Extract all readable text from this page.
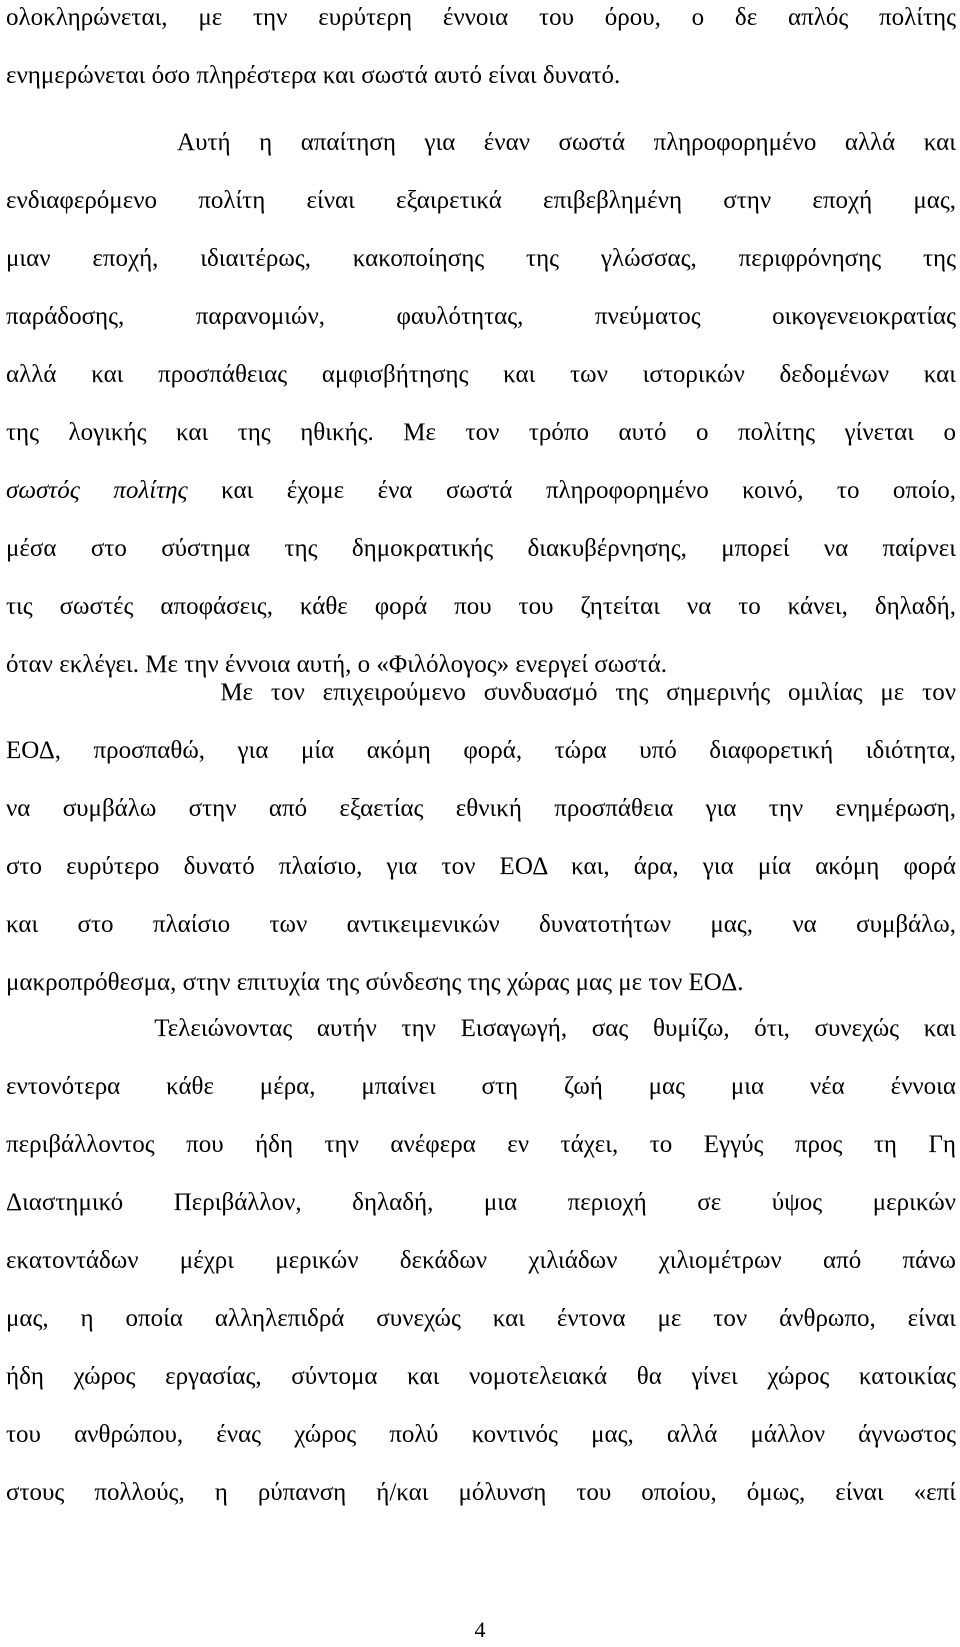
ολοκληρώνεται, με την ευρύτερη έννοια του όρου, ο δε απλός πολίτης
ενημερώνεται όσο πληρέστερα και σωστά αυτό είναι δυνατό.
Αυτή η απαίτηση για έναν σωστά πληροφορημένο αλλά και
ενδιαφερόμενο πολίτη είναι εξαιρετικά επιβεβλημένη στην εποχή μας,
μιαν εποχή, ιδιαιτέρως, κακοποίησης της γλώσσας, περιφρόνησης της
παράδοσης, παρανομιών, φαυλότητας, πνεύματος οικογενειοκρατίας
αλλά και προσπάθειας αμφισβήτησης και των ιστορικών δεδομένων και
της λογικής και της ηθικής. Με τον τρόπο αυτό ο πολίτης γίνεται ο
σωστός πολίτης και έχομε ένα σωστά πληροφορημένο κοινό, το οποίο,
μέσα στο σύστημα της δημοκρατικής διακυβέρνησης, μπορεί να παίρνει
τις σωστές αποφάσεις, κάθε φορά που του ζητείται να το κάνει, δηλαδή,
όταν εκλέγει. Με την έννοια αυτή, ο «Φιλόλογος» ενεργεί σωστά.
Με τον επιχειρούμενο συνδυασμό της σημερινής ομιλίας με τον
ΕΟΔ, προσπαθώ, για μία ακόμη φορά, τώρα υπό διαφορετική ιδιότητα,
να συμβάλω στην από εξαετίας εθνική προσπάθεια για την ενημέρωση,
στο ευρύτερο δυνατό πλαίσιο, για τον ΕΟΔ και, άρα, για μία ακόμη φορά
και στο πλαίσιο των αντικειμενικών δυνατοτήτων μας, να συμβάλω,
μακροπρόθεσμα, στην επιτυχία της σύνδεσης της χώρας μας με τον ΕΟΔ.
Τελειώνοντας αυτήν την Εισαγωγή, σας θυμίζω, ότι, συνεχώς και
εντονότερα κάθε μέρα, μπαίνει στη ζωή μας μια νέα έννοια
περιβάλλοντος που ήδη την ανέφερα εν τάχει, το Εγγύς προς τη Γη
Διαστημικό Περιβάλλον, δηλαδή, μια περιοχή σε ύψος μερικών
εκατοντάδων μέχρι μερικών δεκάδων χιλιάδων χιλιομέτρων από πάνω
μας, η οποία αλληλεπιδρά συνεχώς και έντονα με τον άνθρωπο, είναι
ήδη χώρος εργασίας, σύντομα και νομοτελειακά θα γίνει χώρος κατοικίας
του ανθρώπου, ένας χώρος πολύ κοντινός μας, αλλά μάλλον άγνωστος
στους πολλούς, η ρύπανση ή/και μόλυνση του οποίου, όμως, είναι «επί
4
